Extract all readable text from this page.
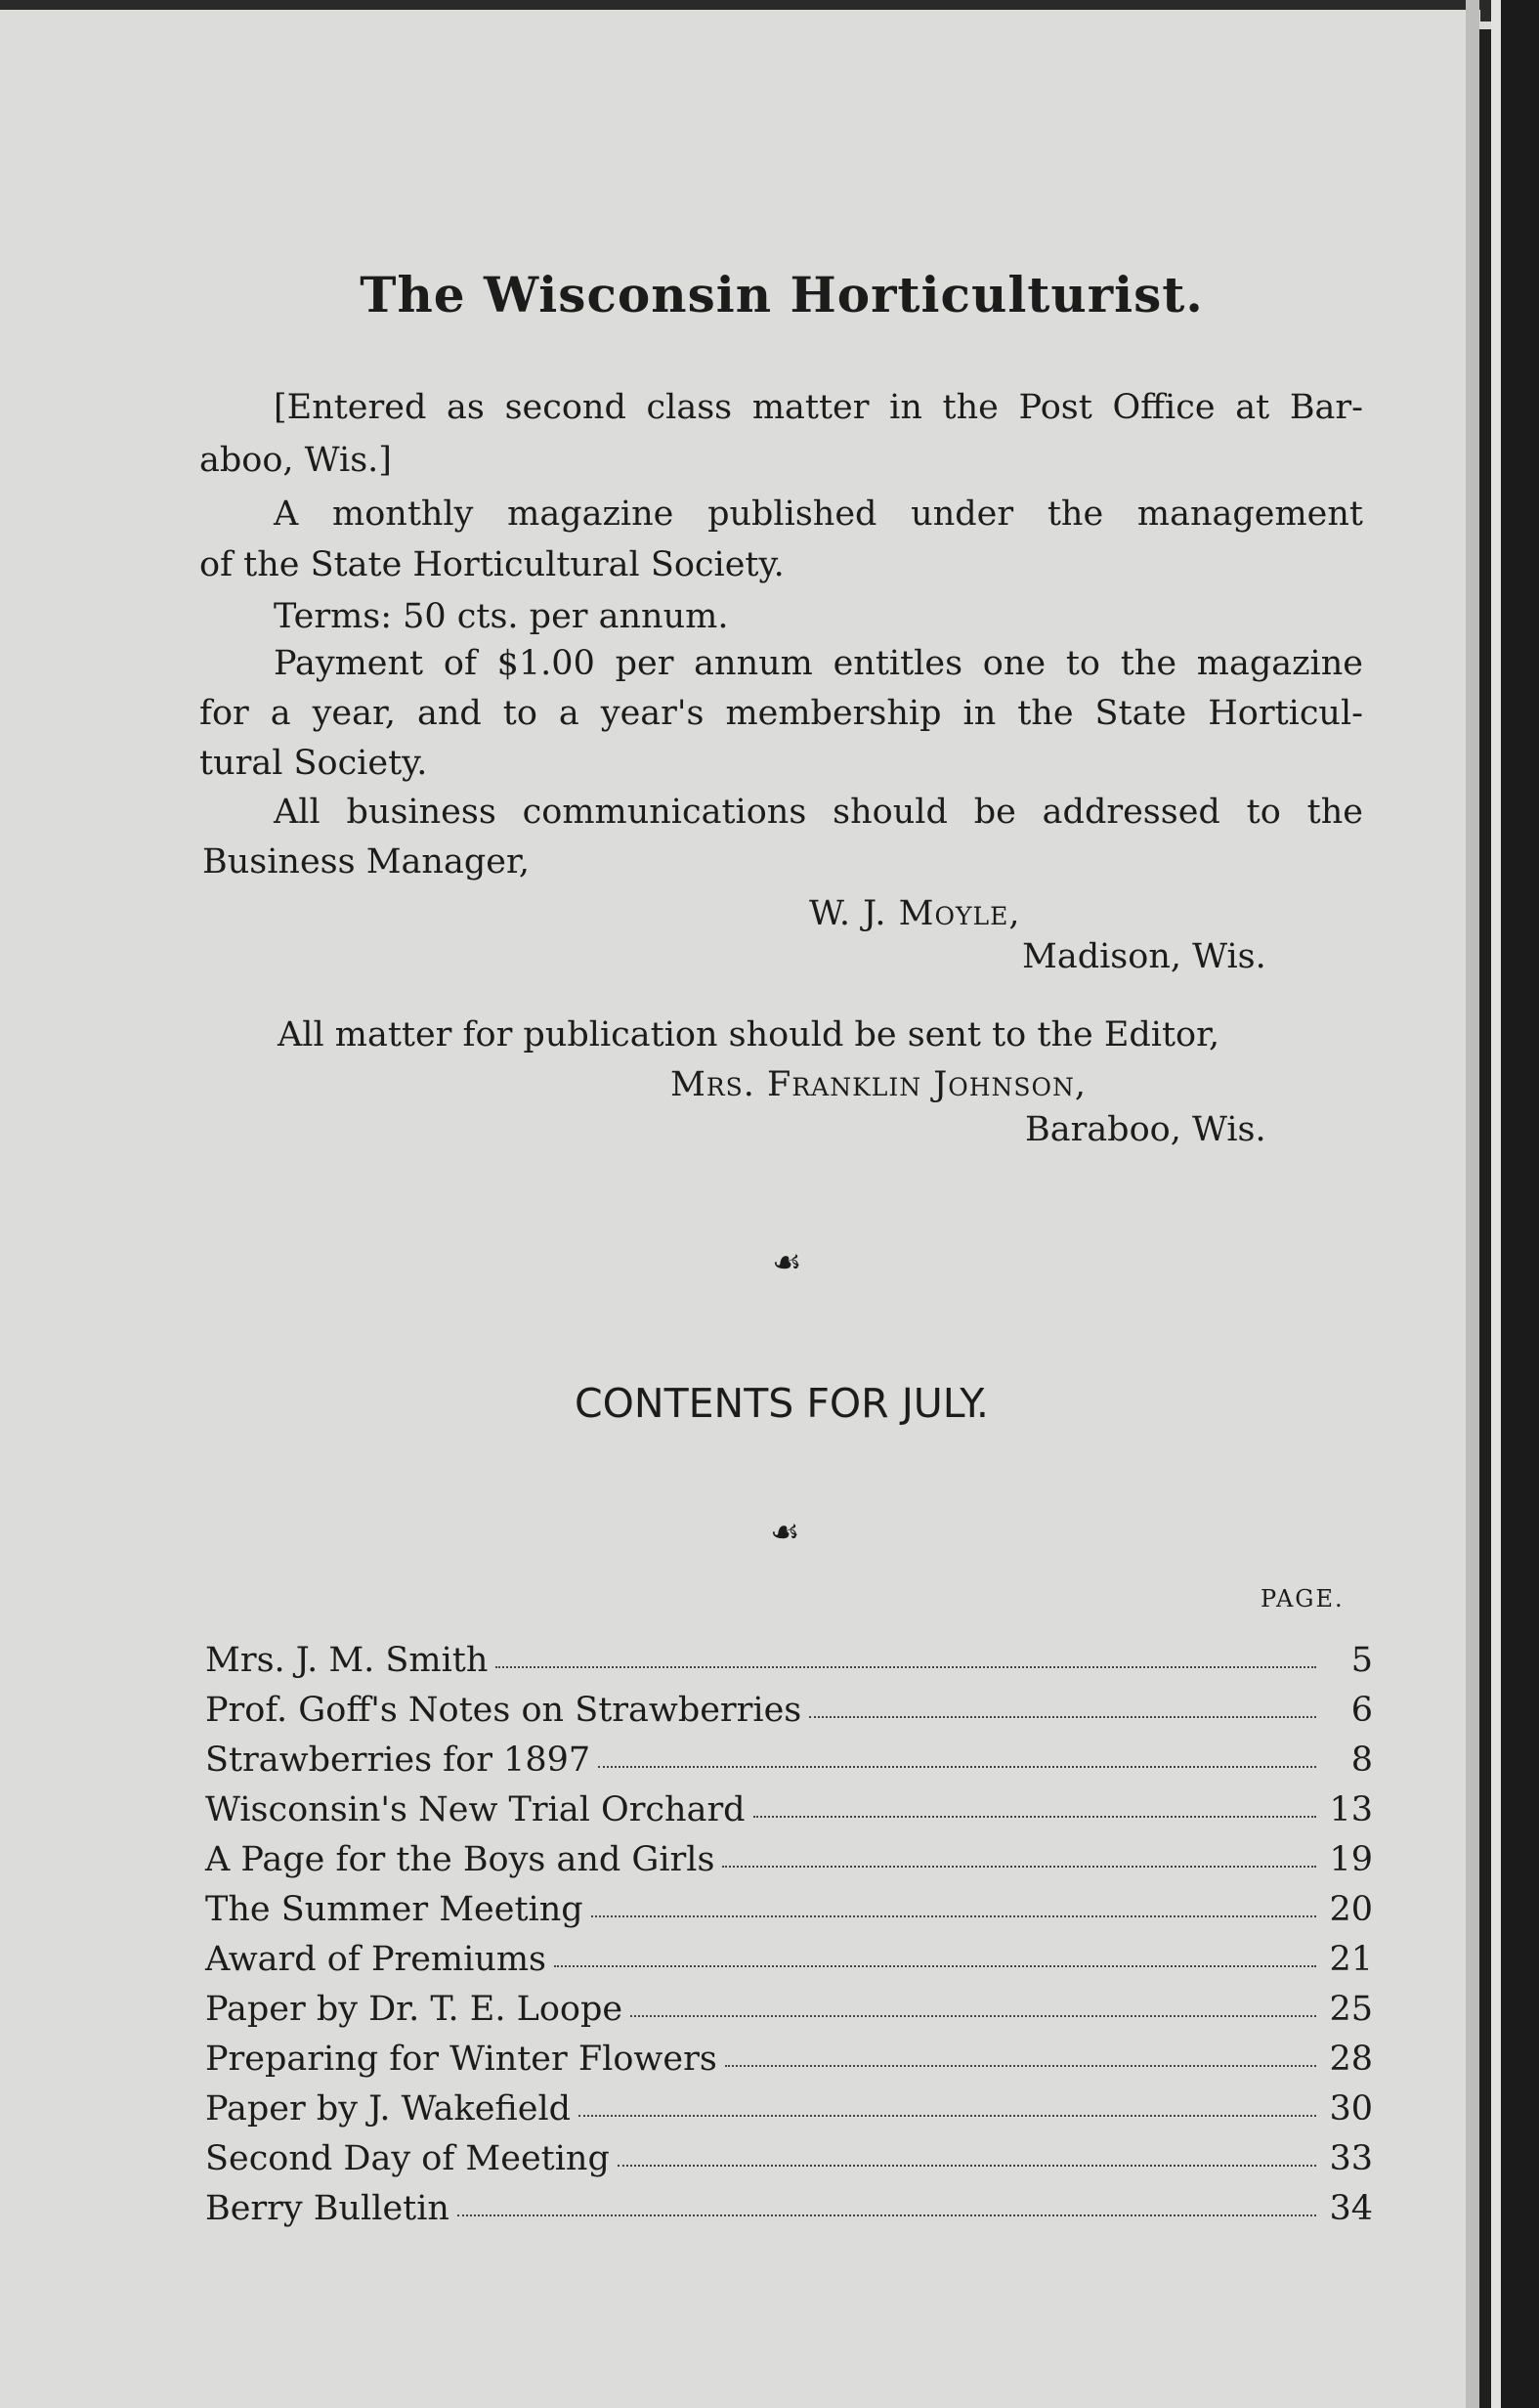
The Wisconsin Horticulturist.

[Entered as second class matter in the Post Office at Bar-

aboo, Wis.]

A monthly magazine published under the management

of the State Horticultural Society.

Terms: 50 cts. per annum.

Payment of $1.00 per annum entitles one to the magazine

for a year, and to a year's membership in the State Horticul-

tural Society.

All business communications should be addressed to the

Business Manager,

W. J. Moyle,

Madison, Wis.

All matter for publication should be sent to the Editor,

Mrs. Franklin Johnson,

Baraboo, Wis.

☙
CONTENTS FOR JULY.
☙
PAGE.
Mrs. J. M. Smith	5
Prof. Goff's Notes on Strawberries	6
Strawberries for 1897	8
Wisconsin's New Trial Orchard	13
A Page for the Boys and Girls	19
The Summer Meeting	20
Award of Premiums	21
Paper by Dr. T. E. Loope	25
Preparing for Winter Flowers	28
Paper by J. Wakefield	30
Second Day of Meeting	33
Berry Bulletin	34
